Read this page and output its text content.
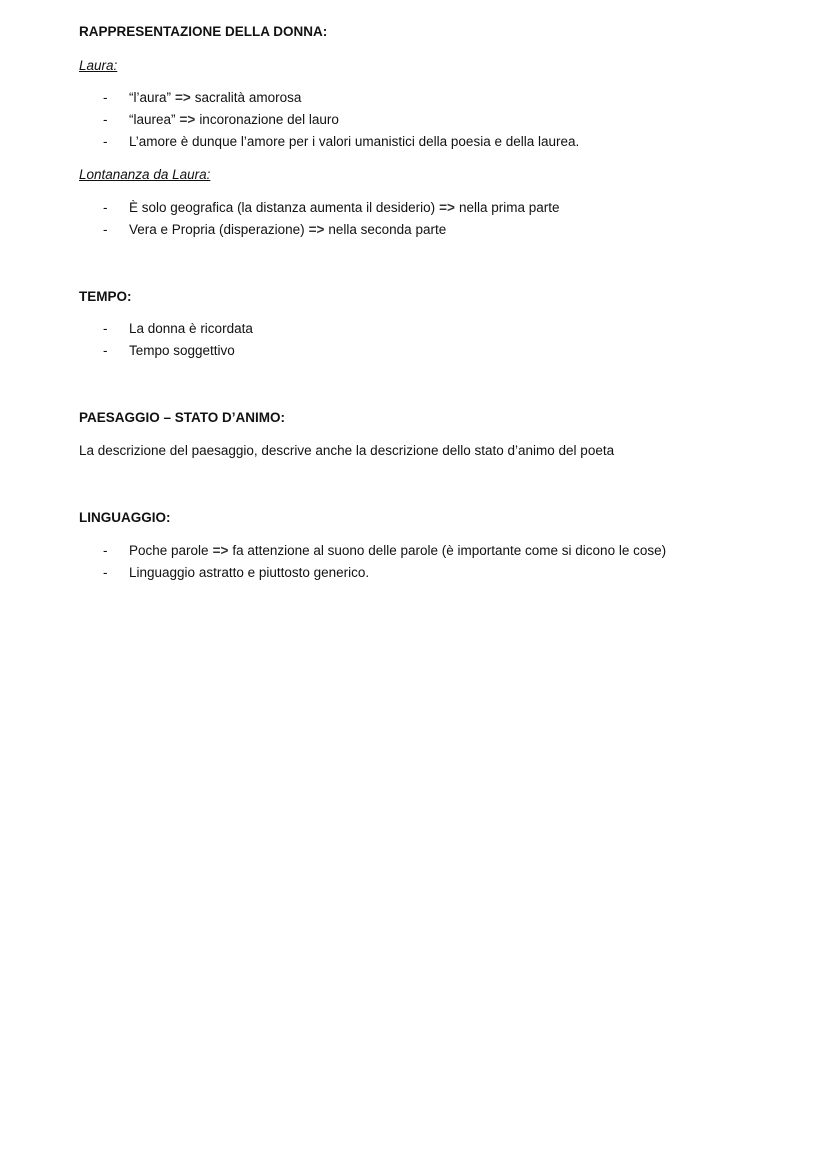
RAPPRESENTAZIONE DELLA DONNA:
Laura:
- “l’aura” => sacralità amorosa
- “laurea” => incoronazione del lauro
- L’amore è dunque l’amore per i valori umanistici della poesia e della laurea.
Lontananza da Laura:
- È solo geografica (la distanza aumenta il desiderio) => nella prima parte
- Vera e Propria (disperazione) => nella seconda parte
TEMPO:
- La donna è ricordata
- Tempo soggettivo
PAESAGGIO – STATO D’ANIMO:
La descrizione del paesaggio, descrive anche la descrizione dello stato d’animo del poeta
LINGUAGGIO:
- Poche parole => fa attenzione al suono delle parole (è importante come si dicono le cose)
- Linguaggio astratto e piuttosto generico.
